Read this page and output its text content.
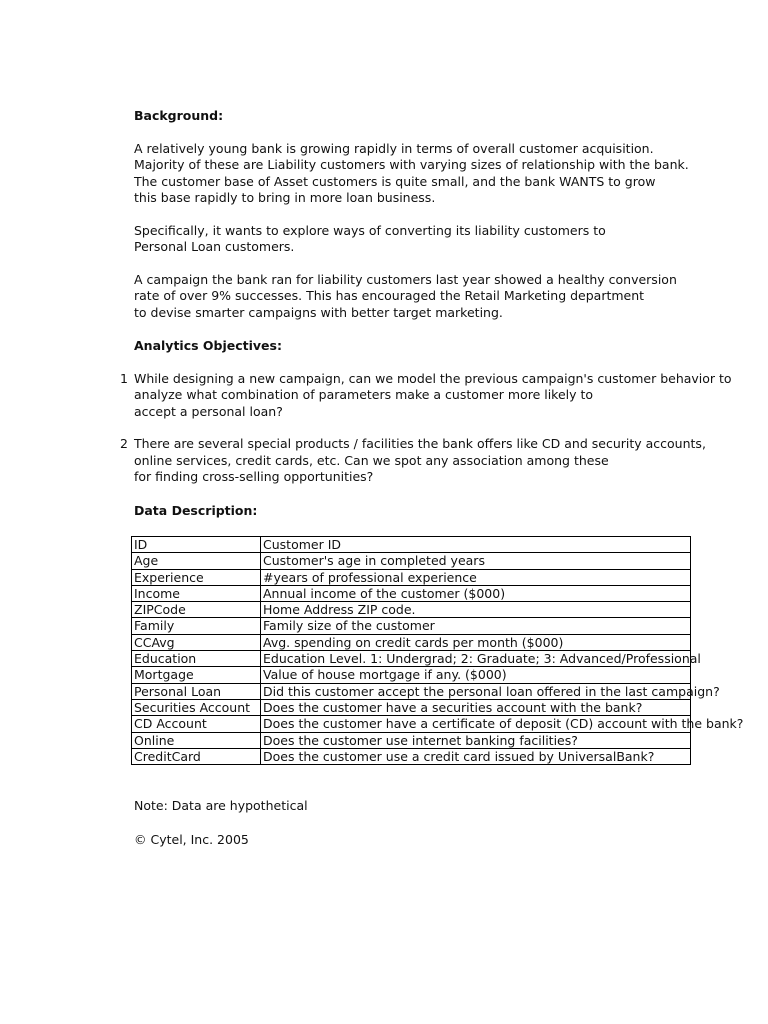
Background:
A relatively young bank is growing rapidly in terms of overall customer acquisition.
Majority of these are Liability customers with varying sizes of relationship with the bank.
The customer base of Asset customers is quite small, and the bank WANTS to grow
this base rapidly to bring in more loan business.
Specifically, it wants to explore ways of converting its liability customers to
Personal Loan customers.
A campaign the bank ran for liability customers last year showed a healthy conversion
rate of over 9% successes. This has encouraged the Retail Marketing department
to devise smarter campaigns with better target marketing.
Analytics Objectives:
1 While designing a new campaign, can we model the previous campaign's customer behavior to
analyze what combination of parameters make a customer more likely to
accept a personal loan?
2 There are several special products / facilities the bank offers like CD and security accounts,
online services, credit cards, etc. Can we spot any association among these
for finding cross-selling opportunities?
Data Description:
ID	Customer ID
Age	Customer's age in completed years
Experience	#years of professional experience
Income	Annual income of the customer ($000)
ZIPCode	Home Address ZIP code.
Family	Family size of the customer
CCAvg	Avg. spending on credit cards per month ($000)
Education	Education Level. 1: Undergrad; 2: Graduate; 3: Advanced/Professional
Mortgage	Value of house mortgage if any. ($000)
Personal Loan	Did this customer accept the personal loan offered in the last campaign?
Securities Account	Does the customer have a securities account with the bank?
CD Account	Does the customer have a certificate of deposit (CD) account with the bank?
Online	Does the customer use internet banking facilities?
CreditCard	Does the customer use a credit card issued by UniversalBank?
Note: Data are hypothetical
© Cytel, Inc. 2005
